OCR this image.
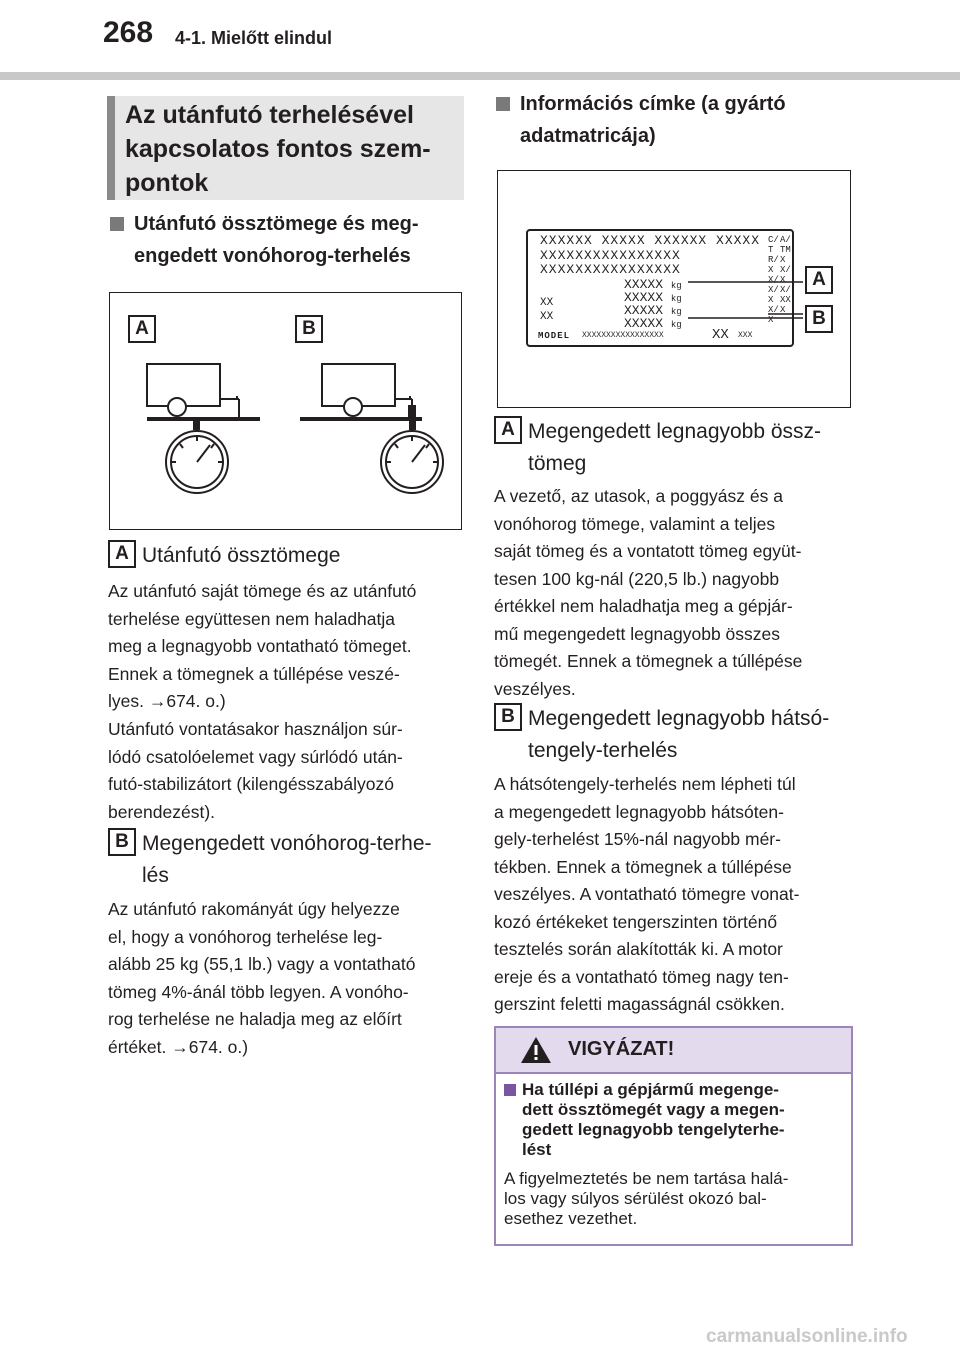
268 4-1. Mielőtt elindul
Az utánfutó terhelésével
kapcsolatos fontos szem-
pontok
Utánfutó össztömege és meg-
engedett vonóhorog-terhelés
A	B
A Utánfutó össztömege
Az utánfutó saját tömege és az utánfutó
terhelése együttesen nem haladhatja
meg a legnagyobb vontatható tömeget.
Ennek a tömegnek a túllépése veszé-
lyes. →674. o.)
Utánfutó vontatásakor használjon súr-
lódó csatolóelemet vagy súrlódó után-
futó-stabilizátort (kilengésszabályozó
berendezést).
B Megengedett vonóhorog-terhe-
lés
Az utánfutó rakományát úgy helyezze
el, hogy a vonóhorog terhelése leg-
alább 25 kg (55,1 lb.) vagy a vontatható
tömeg 4%-ánál több legyen. A vonóho-
rog terhelése ne haladja meg az előírt
értéket. →674. o.)
Információs címke (a gyártó
adatmatricája)
XXXXXX XXXXX XXXXXX XXXXX
XXXXXXXXXXXXXXXX
XXXXXXXXXXXXXXXX
XXXXX kg
XXXXX kg
XXXXX kg
XXXXX kg
XX
XX
MODEL XXXXXXXXXXXXXXXXX	XX XXX
C/TR/XX/X/XX/X
A/TM XX/XX/XX X
A
B
A Megengedett legnagyobb össz-
tömeg
A vezető, az utasok, a poggyász és a
vonóhorog tömege, valamint a teljes
saját tömeg és a vontatott tömeg együt-
tesen 100 kg-nál (220,5 lb.) nagyobb
értékkel nem haladhatja meg a gépjár-
mű megengedett legnagyobb összes
tömegét. Ennek a tömegnek a túllépése
veszélyes.
B Megengedett legnagyobb hátsó-
tengely-terhelés
A hátsótengely-terhelés nem lépheti túl
a megengedett legnagyobb hátsóten-
gely-terhelést 15%-nál nagyobb mér-
tékben. Ennek a tömegnek a túllépése
veszélyes. A vontatható tömegre vonat-
kozó értékeket tengerszinten történő
tesztelés során alakították ki. A motor
ereje és a vontatható tömeg nagy ten-
gerszint feletti magasságnál csökken.
VIGYÁZAT!
Ha túllépi a gépjármű megenge-
dett össztömegét vagy a megen-
gedett legnagyobb tengelyterhe-
lést
A figyelmeztetés be nem tartása halá-
los vagy súlyos sérülést okozó bal-
esethez vezethet.
carmanualsonline.info
